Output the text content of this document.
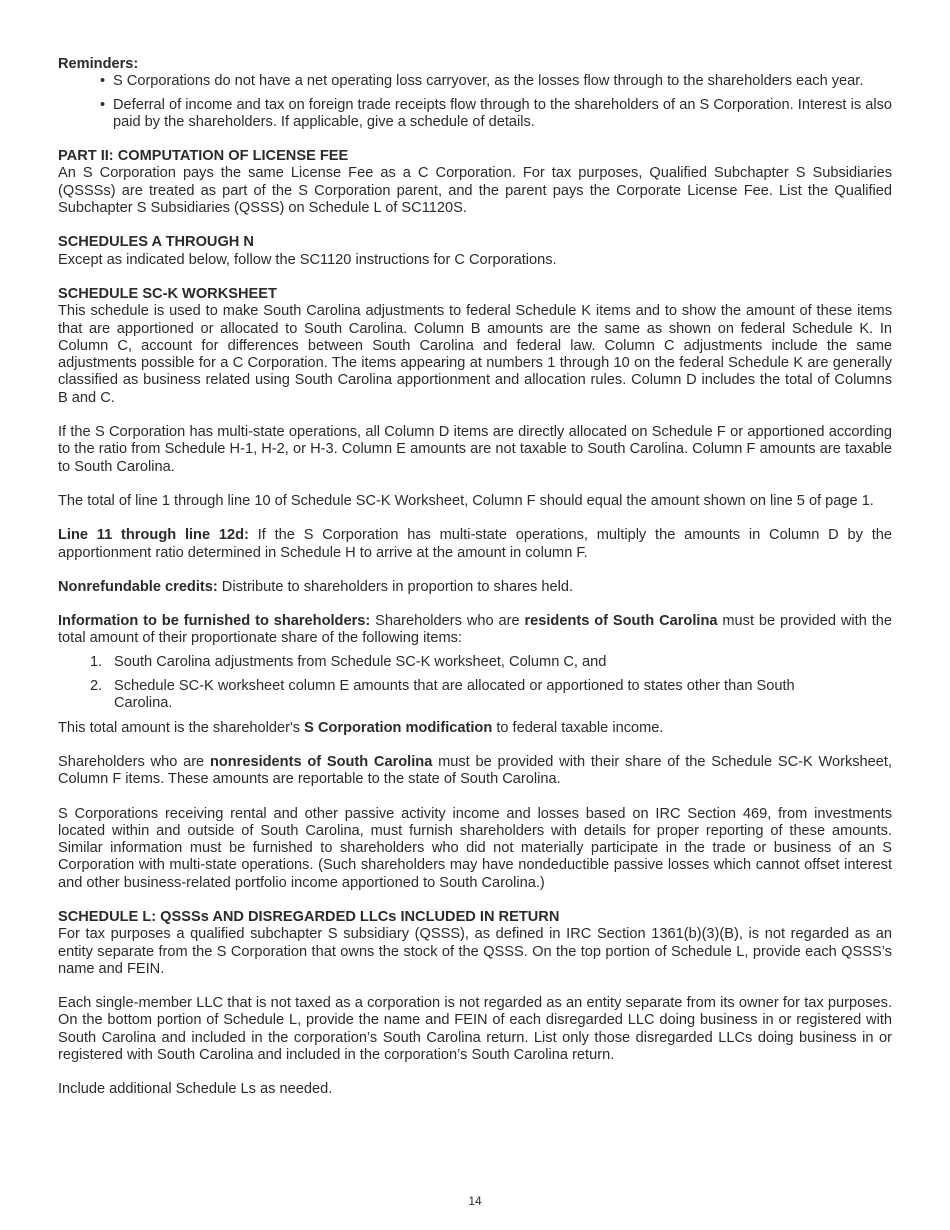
Reminders:

• S Corporations do not have a net operating loss carryover, as the losses flow through to the shareholders each year.
• Deferral of income and tax on foreign trade receipts flow through to the shareholders of an S Corporation. Interest is also paid by the shareholders. If applicable, give a schedule of details.

PART II: COMPUTATION OF LICENSE FEE

An S Corporation pays the same License Fee as a C Corporation. For tax purposes, Qualified Subchapter S Subsidiaries (QSSSs) are treated as part of the S Corporation parent, and the parent pays the Corporate License Fee. List the Qualified Subchapter S Subsidiaries (QSSS) on Schedule L of SC1120S.

SCHEDULES A THROUGH N

Except as indicated below, follow the SC1120 instructions for C Corporations.

SCHEDULE SC-K WORKSHEET

This schedule is used to make South Carolina adjustments to federal Schedule K items and to show the amount of these items that are apportioned or allocated to South Carolina. Column B amounts are the same as shown on federal Schedule K. In Column C, account for differences between South Carolina and federal law. Column C adjustments include the same adjustments possible for a C Corporation. The items appearing at numbers 1 through 10 on the federal Schedule K are generally classified as business related using South Carolina apportionment and allocation rules. Column D includes the total of Columns B and C.

If the S Corporation has multi-state operations, all Column D items are directly allocated on Schedule F or apportioned according to the ratio from Schedule H-1, H-2, or H-3. Column E amounts are not taxable to South Carolina. Column F amounts are taxable to South Carolina.

The total of line 1 through line 10 of Schedule SC-K Worksheet, Column F should equal the amount shown on line 5 of page 1.

Line 11 through line 12d: If the S Corporation has multi-state operations, multiply the amounts in Column D by the apportionment ratio determined in Schedule H to arrive at the amount in column F.

Nonrefundable credits: Distribute to shareholders in proportion to shares held.

Information to be furnished to shareholders: Shareholders who are residents of South Carolina must be provided with the total amount of their proportionate share of the following items:

1. South Carolina adjustments from Schedule SC-K worksheet, Column C, and
2. Schedule SC-K worksheet column E amounts that are allocated or apportioned to states other than South Carolina.

This total amount is the shareholder's S Corporation modification to federal taxable income.

Shareholders who are nonresidents of South Carolina must be provided with their share of the Schedule SC-K Worksheet, Column F items. These amounts are reportable to the state of South Carolina.

S Corporations receiving rental and other passive activity income and losses based on IRC Section 469, from investments located within and outside of South Carolina, must furnish shareholders with details for proper reporting of these amounts. Similar information must be furnished to shareholders who did not materially participate in the trade or business of an S Corporation with multi-state operations. (Such shareholders may have nondeductible passive losses which cannot offset interest and other business-related portfolio income apportioned to South Carolina.)

SCHEDULE L: QSSSs AND DISREGARDED LLCs INCLUDED IN RETURN

For tax purposes a qualified subchapter S subsidiary (QSSS), as defined in IRC Section 1361(b)(3)(B), is not regarded as an entity separate from the S Corporation that owns the stock of the QSSS. On the top portion of Schedule L, provide each QSSS’s name and FEIN.

Each single-member LLC that is not taxed as a corporation is not regarded as an entity separate from its owner for tax purposes. On the bottom portion of Schedule L, provide the name and FEIN of each disregarded LLC doing business in or registered with South Carolina and included in the corporation’s South Carolina return. List only those disregarded LLCs doing business in or registered with South Carolina and included in the corporation’s South Carolina return.

Include additional Schedule Ls as needed.

14
